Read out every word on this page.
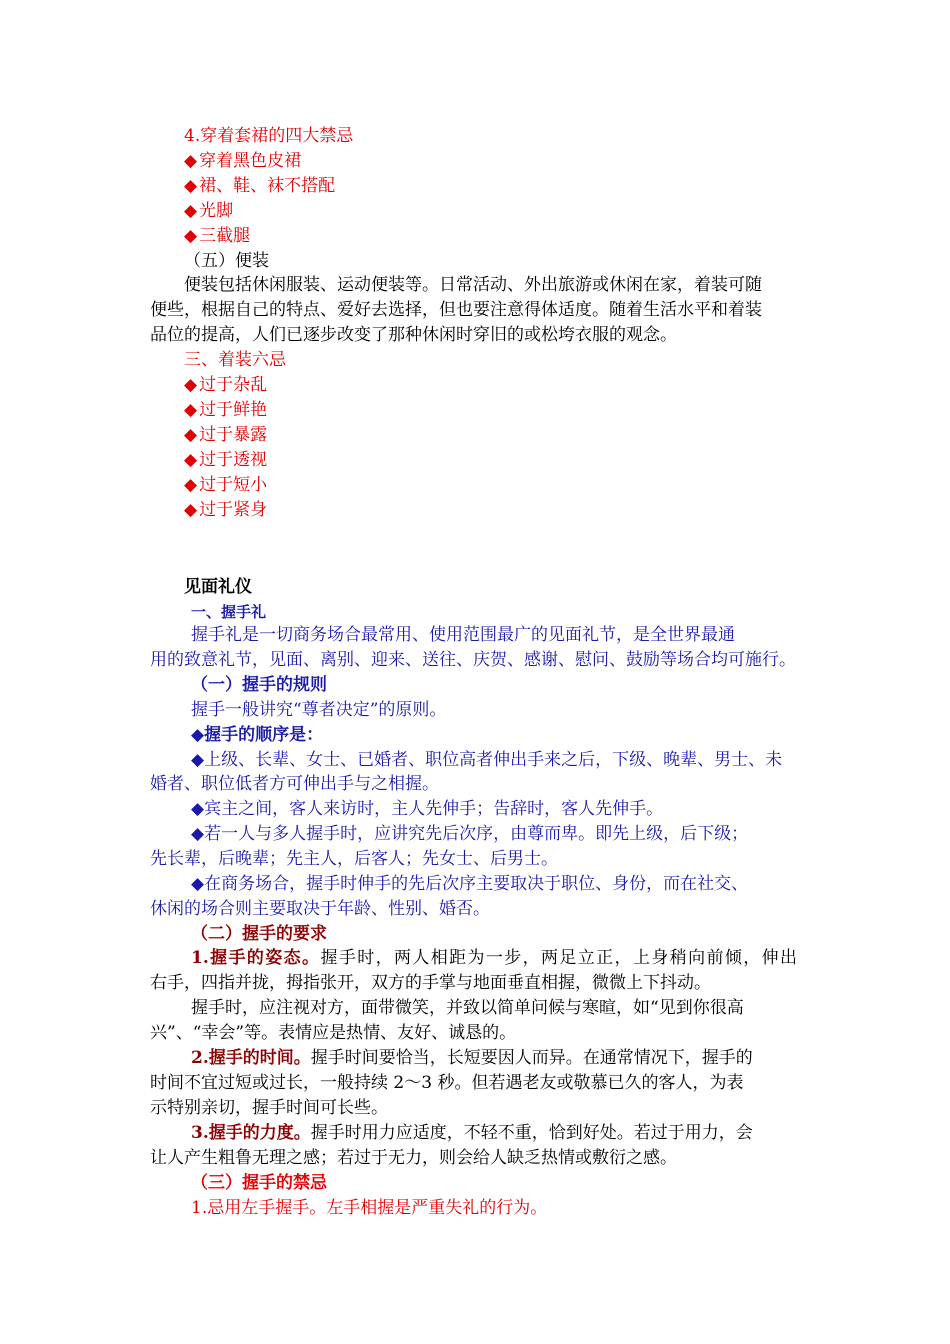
4.穿着套裙的四大禁忌
◆ 穿着黑色皮裙
◆ 裙、鞋、袜不搭配
◆ 光脚
◆ 三截腿
（五）便装
便装包括休闲服装、运动便装等。日常活动、外出旅游或休闲在家，着装可随
便些，根据自己的特点、爱好去选择，但也要注意得体适度。随着生活水平和着装
品位的提高，人们已逐步改变了那种休闲时穿旧的或松垮衣服的观念。
三、着装六忌
◆ 过于杂乱
◆ 过于鲜艳
◆ 过于暴露
◆ 过于透视
◆ 过于短小
◆ 过于紧身
见面礼仪
一、握手礼
握手礼是一切商务场合最常用、使用范围最广的见面礼节，是全世界最通
用的致意礼节，见面、离别、迎来、送往、庆贺、感谢、慰问、鼓励等场合均可施行。
（一）握手的规则
握手一般讲究“尊者决定”的原则。
◆握手的顺序是：
◆上级、长辈、女士、已婚者、职位高者伸出手来之后，下级、晚辈、男士、未
婚者、职位低者方可伸出手与之相握。
◆宾主之间，客人来访时，主人先伸手；告辞时，客人先伸手。
◆若一人与多人握手时，应讲究先后次序，由尊而卑。即先上级，后下级；
先长辈，后晚辈；先主人，后客人；先女士、后男士。
◆在商务场合，握手时伸手的先后次序主要取决于职位、身份，而在社交、
休闲的场合则主要取决于年龄、性别、婚否。
（二）握手的要求
1.握手的姿态。握手时，两人相距为一步，两足立正，上身稍向前倾，伸出
右手，四指并拢，拇指张开，双方的手掌与地面垂直相握，微微上下抖动。
握手时，应注视对方，面带微笑，并致以简单问候与寒暄，如“见到你很高
兴”、“幸会”等。表情应是热情、友好、诚恳的。
2.握手的时间。握手时间要恰当，长短要因人而异。在通常情况下，握手的
时间不宜过短或过长，一般持续 2～3 秒。但若遇老友或敬慕已久的客人，为表
示特别亲切，握手时间可长些。
3.握手的力度。握手时用力应适度，不轻不重，恰到好处。若过于用力，会
让人产生粗鲁无理之感；若过于无力，则会给人缺乏热情或敷衍之感。
（三）握手的禁忌
1.忌用左手握手。左手相握是严重失礼的行为。
